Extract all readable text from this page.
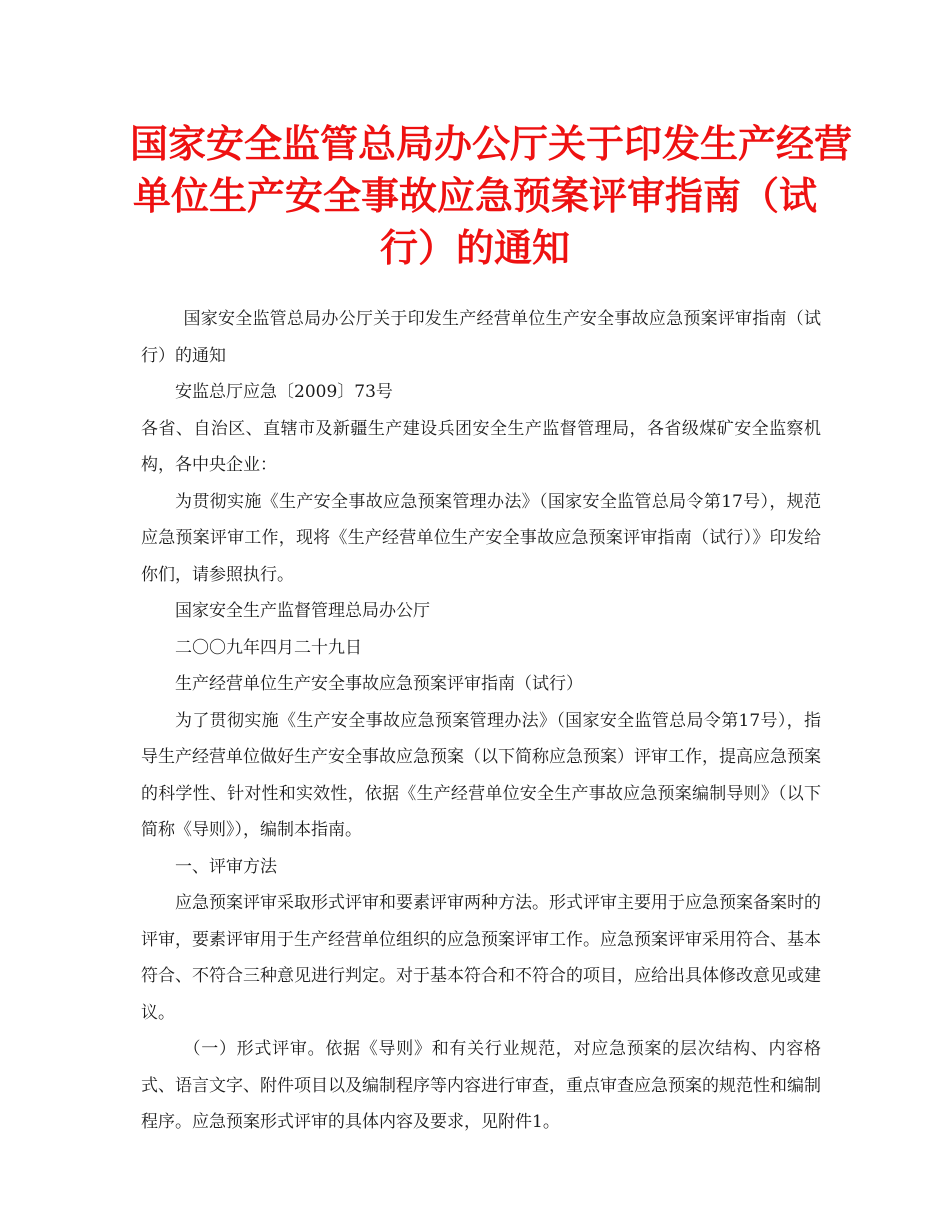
国家安全监管总局办公厅关于印发生产经营
单位生产安全事故应急预案评审指南（试
行）的通知

国家安全监管总局办公厅关于印发生产经营单位生产安全事故应急预案评审指南（试行）的通知

安监总厅应急〔2009〕73号

各省、自治区、直辖市及新疆生产建设兵团安全生产监督管理局，各省级煤矿安全监察机构，各中央企业：

为贯彻实施《生产安全事故应急预案管理办法》（国家安全监管总局令第17号），规范应急预案评审工作，现将《生产经营单位生产安全事故应急预案评审指南（试行）》印发给你们，请参照执行。

国家安全生产监督管理总局办公厅

二〇〇九年四月二十九日

生产经营单位生产安全事故应急预案评审指南（试行）

为了贯彻实施《生产安全事故应急预案管理办法》（国家安全监管总局令第17号），指导生产经营单位做好生产安全事故应急预案（以下简称应急预案）评审工作，提高应急预案的科学性、针对性和实效性，依据《生产经营单位安全生产事故应急预案编制导则》（以下简称《导则》），编制本指南。

一、评审方法

应急预案评审采取形式评审和要素评审两种方法。形式评审主要用于应急预案备案时的评审，要素评审用于生产经营单位组织的应急预案评审工作。应急预案评审采用符合、基本符合、不符合三种意见进行判定。对于基本符合和不符合的项目，应给出具体修改意见或建议。

（一）形式评审。依据《导则》和有关行业规范，对应急预案的层次结构、内容格式、语言文字、附件项目以及编制程序等内容进行审查，重点审查应急预案的规范性和编制程序。应急预案形式评审的具体内容及要求，见附件1。
